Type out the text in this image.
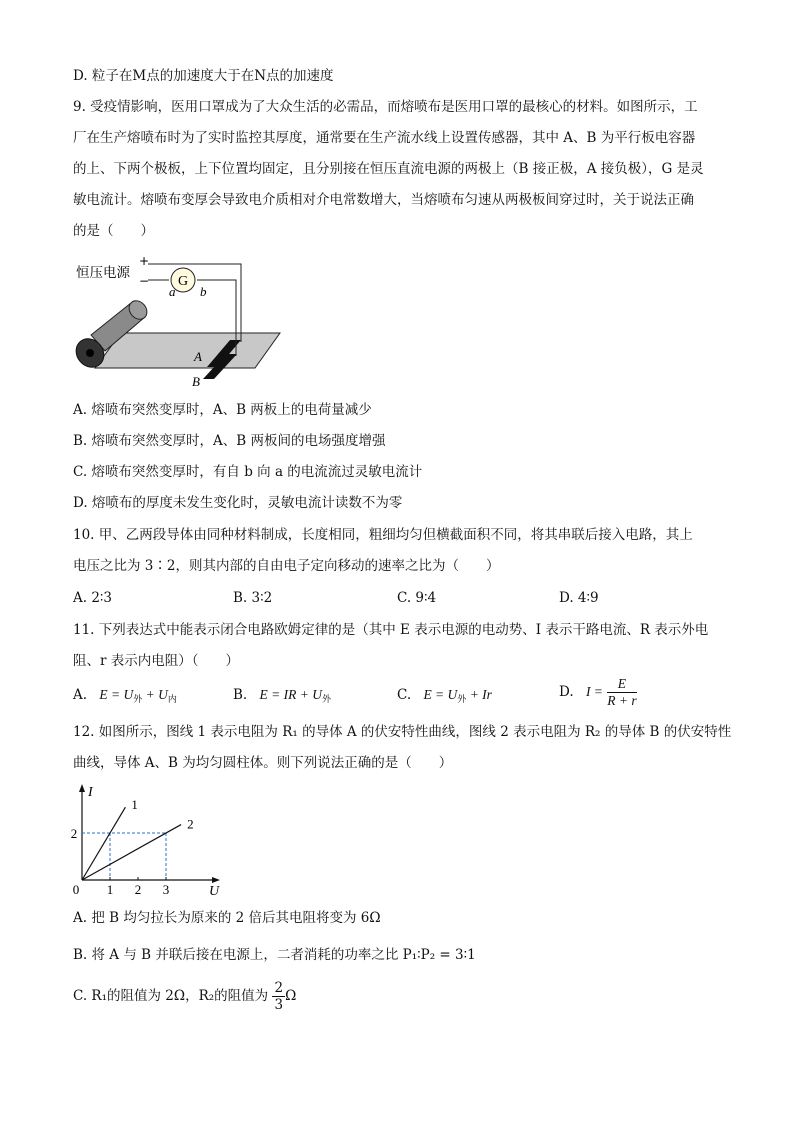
D. 粒子在M点的加速度大于在N点的加速度
9. 受疫情影响，医用口罩成为了大众生活的必需品，而熔喷布是医用口罩的最核心的材料。如图所示，工
厂在生产熔喷布时为了实时监控其厚度，通常要在生产流水线上设置传感器，其中 A、B 为平行板电容器
的上、下两个极板，上下位置均固定，且分别接在恒压直流电源的两极上（B 接正极，A 接负极），G 是灵
敏电流计。熔喷布变厚会导致电介质相对介电常数增大，当熔喷布匀速从两极板间穿过时，关于说法正确
的是（　　）
G
恒压电源
+
−
a b
A
B
A. 熔喷布突然变厚时，A、B 两板上的电荷量减少
B. 熔喷布突然变厚时，A、B 两板间的电场强度增强
C. 熔喷布突然变厚时，有自 b 向 a 的电流流过灵敏电流计
D. 熔喷布的厚度未发生变化时，灵敏电流计读数不为零
10. 甲、乙两段导体由同种材料制成，长度相同，粗细均匀但横截面积不同，将其串联后接入电路，其上
电压之比为 3∶2，则其内部的自由电子定向移动的速率之比为（　　）
A. 2∶3	B. 3∶2	C. 9∶4	D. 4∶9
11. 下列表达式中能表示闭合电路欧姆定律的是（其中 E 表示电源的电动势、I 表示干路电流、R 表示外电
阻、r 表示内电阻）（　　）
A. $E = U_外 + U_内$	B. E = IR + $U_外$	C. $E = U_外 + Ir$	D. $I = \frac{E}{R + r}$
12. 如图所示，图线 1 表示电阻为 R₁ 的导体 A 的伏安特性曲线，图线 2 表示电阻为 R₂ 的导体 B 的伏安特性
曲线，导体 A、B 为均匀圆柱体。则下列说法正确的是（　　）
I
U
0
2
1 2 3
1
2
A. 把 B 均匀拉长为原来的 2 倍后其电阻将变为 6Ω
B. 将 A 与 B 并联后接在电源上，二者消耗的功率之比 P₁∶P₂ = 3∶1
C. R₁的阻值为 2Ω，R₂的阻值为 $\frac{2}{3}$ Ω
